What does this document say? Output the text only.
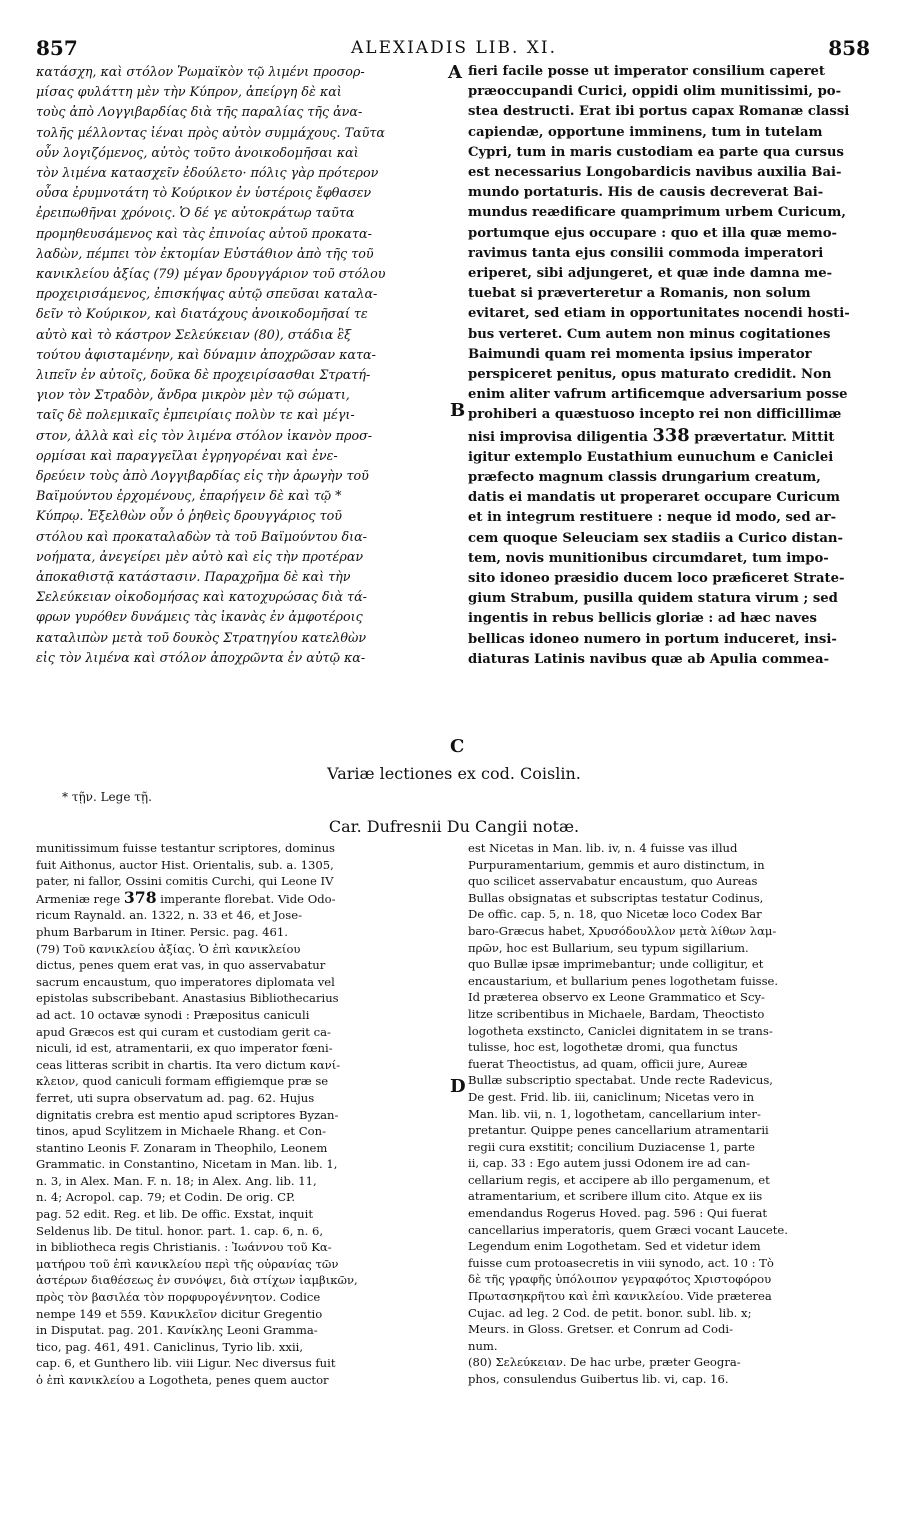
857	ALEXIADIS LIB. XI.	858
κατάσχη, καὶ στόλον Ῥωμαϊκὸν τῷ λιμένι προσορ-
μίσας φυλάττη μὲν τὴν Κύπρον, ἀπείργη δὲ καὶ
τοὺς ἀπὸ Λογγιβαρδίας διὰ τῆς παραλίας τῆς ἀνα-
τολῆς μέλλοντας ἰέναι πρὸς αὐτὸν συμμάχους. Ταῦτα
οὖν λογιζόμενος, αὐτὸς τοῦτο ἀνοικοδομῆσαι καὶ
τὸν λιμένα κατασχεῖν ἐδούλετο· πόλις γὰρ πρότερον
οὖσα ἐρυμνοτάτη τὸ Κούρικον ἐν ὑστέροις ἔφθασεν
ἐρειπωθῆναι χρόνοις. Ὁ δέ γε αὐτοκράτωρ ταῦτα
προμηθευσάμενος καὶ τὰς ἐπινοίας αὐτοῦ προκατα-
λαδὼν, πέμπει τὸν ἐκτομίαν Εὐστάθιον ἀπὸ τῆς τοῦ
κανικλείου ἀξίας (79) μέγαν δρουγγάριον τοῦ στόλου
προχειρισάμενος, ἐπισκήψας αὐτῷ σπεῦσαι καταλα-
δεῖν τὸ Κούρικον, καὶ διατάχους ἀνοικοδομῆσαί τε
αὐτὸ καὶ τὸ κάστρον Σελεύκειαν (80), στάδια ἓξ
τούτου ἀφισταμένην, καὶ δύναμιν ἀποχρῶσαν κατα-
λιπεῖν ἐν αὐτοῖς, δοῦκα δὲ προχειρίσασθαι Στρατή-
γιον τὸν Στραδὸν, ἄνδρα μικρὸν μὲν τῷ σώματι,
ταῖς δὲ πολεμικαῖς ἐμπειρίαις πολὺν τε καὶ μέγι-
στον, ἀλλὰ καὶ εἰς τὸν λιμένα στόλον ἱκανὸν προσ-
ορμίσαι καὶ παραγγεῖλαι ἐγρηγορέναι καὶ ἐνε-
δρεύειν τοὺς ἀπὸ Λογγιβαρδίας εἰς τὴν ἀρωγὴν τοῦ
Βαϊμούντου ἐρχομένους, ἐπαρήγειν δὲ καὶ τῷ *
Κύπρῳ. Ἐξελθὼν οὖν ὁ ῥηθεὶς δρουγγάριος τοῦ
στόλου καὶ προκαταλαδὼν τὰ τοῦ Βαϊμούντου δια-
νοήματα, ἀνεγείρει μὲν αὐτὸ καὶ εἰς τὴν προτέραν
ἀποκαθιστᾷ κατάστασιν. Παραχρῆμα δὲ καὶ τὴν
Σελεύκειαν οἰκοδομήσας καὶ κατοχυρώσας διὰ τά-
φρων γυρόθεν δυνάμεις τὰς ἱκανὰς ἐν ἀμφοτέροις
καταλιπὼν μετὰ τοῦ δουκὸς Στρατηγίου κατελθὼν
εἰς τὸν λιμένα καὶ στόλον ἀποχρῶντα ἐν αὐτῷ κα-
A
B
C
fieri facile posse ut imperator consilium caperet
præoccupandi Curici, oppidi olim munitissimi, po-
stea destructi. Erat ibi portus capax Romanæ classi
capiendæ, opportune imminens, tum in tutelam
Cypri, tum in maris custodiam ea parte qua cursus
est necessarius Longobardicis navibus auxilia Bai-
mundo portaturis. His de causis decreverat Bai-
mundus reædificare quamprimum urbem Curicum,
portumque ejus occupare : quo et illa quæ memo-
ravimus tanta ejus consilii commoda imperatori
eriperet, sibi adjungeret, et quæ inde damna me-
tuebat si præverteretur a Romanis, non solum
evitaret, sed etiam in opportunitates nocendi hosti-
bus verteret. Cum autem non minus cogitationes
Baimundi quam rei momenta ipsius imperator
perspiceret penitus, opus maturato credidit. Non
enim aliter vafrum artificemque adversarium posse
prohiberi a quæstuoso incepto rei non difficillimæ
nisi improvisa diligentia 338 prævertatur. Mittit
igitur extemplo Eustathium eunuchum e Caniclei
præfecto magnum classis drungarium creatum,
datis ei mandatis ut properaret occupare Curicum
et in integrum restituere : neque id modo, sed ar-
cem quoque Seleuciam sex stadiis a Curico distan-
tem, novis munitionibus circumdaret, tum impo-
sito idoneo præsidio ducem loco præficeret Strate-
gium Strabum, pusilla quidem statura virum ; sed
ingentis in rebus bellicis gloriæ : ad hæc naves
bellicas idoneo numero in portum induceret, insi-
diaturas Latinis navibus quæ ab Apulia commea-
Variæ lectiones ex cod. Coislin.
* τῇν. Lege τῇ.
Car. Dufresnii Du Cangii notæ.
munitissimum fuisse testantur scriptores, dominus
fuit Aithonus, auctor Hist. Orientalis, sub. a. 1305,
pater, ni fallor, Ossini comitis Curchi, qui Leone IV
Armeniæ rege 378 imperante florebat. Vide Odo-
ricum Raynald. an. 1322, n. 33 et 46, et Jose-
phum Barbarum in Itiner. Persic. pag. 461.
(79) Τοῦ κανικλείου ἀξίας. Ὁ ἐπὶ κανικλείου
dictus, penes quem erat vas, in quo asservabatur
sacrum encaustum, quo imperatores diplomata vel
epistolas subscribebant. Anastasius Bibliothecarius
ad act. 10 octavæ synodi : Præpositus caniculi
apud Græcos est qui curam et custodiam gerit ca-
niculi, id est, atramentarii, ex quo imperator fœni-
ceas litteras scribit in chartis. Ita vero dictum κανί-
κλειον, quod caniculi formam effigiemque præ se
ferret, uti supra observatum ad. pag. 62. Hujus
dignitatis crebra est mentio apud scriptores Byzan-
tinos, apud Scylitzem in Michaele Rhang. et Con-
stantino Leonis F. Zonaram in Theophilo, Leonem
Grammatic. in Constantino, Nicetam in Man. lib. 1,
n. 3, in Alex. Man. F. n. 18; in Alex. Ang. lib. 11,
n. 4; Acropol. cap. 79; et Codin. De orig. CP.
pag. 52 edit. Reg. et lib. De offic. Exstat, inquit
Seldenus lib. De titul. honor. part. 1. cap. 6, n. 6,
in bibliotheca regis Christianis. : Ἰωάννου τοῦ Κα-
ματήρου τοῦ ἐπὶ κανικλείου περὶ τῆς οὐρανίας τῶν
ἀστέρων διαθέσεως ἐν συνόψει, διὰ στίχων ἰαμβικῶν,
πρὸς τὸν βασιλέα τὸν πορφυρογέννητον. Codice
nempe 149 et 559. Κανικλεῖον dicitur Gregentio
in Disputat. pag. 201. Κανίκλης Leoni Gramma-
tico, pag. 461, 491. Caniclinus, Tyrio lib. xxii,
cap. 6, et Gunthero lib. viii Ligur. Nec diversus fuit
ὁ ἐπὶ κανικλείου a Logotheta, penes quem auctor
D
est Nicetas in Man. lib. iv, n. 4 fuisse vas illud
Purpuramentarium, gemmis et auro distinctum, in
quo scilicet asservabatur encaustum, quo Aureas
Bullas obsignatas et subscriptas testatur Codinus,
De offic. cap. 5, n. 18, quo Nicetæ loco Codex Bar
baro-Græcus habet, Χρυσόδουλλον μετὰ λίθων λαμ-
πρῶν, hoc est Bullarium, seu typum sigillarium.
quo Bullæ ipsæ imprimebantur; unde colligitur, et
encaustarium, et bullarium penes logothetam fuisse.
Id præterea observo ex Leone Grammatico et Scy-
litze scribentibus in Michaele, Bardam, Theoctisto
logotheta exstincto, Caniclei dignitatem in se trans-
tulisse, hoc est, logothetæ dromi, qua functus
fuerat Theoctistus, ad quam, officii jure, Aureæ
Bullæ subscriptio spectabat. Unde recte Radevicus,
De gest. Frid. lib. iii, caniclinum; Nicetas vero in
Man. lib. vii, n. 1, logothetam, cancellarium inter-
pretantur. Quippe penes cancellarium atramentarii
regii cura exstitit; concilium Duziacense 1, parte
ii, cap. 33 : Ego autem jussi Odonem ire ad can-
cellarium regis, et accipere ab illo pergamenum, et
atramentarium, et scribere illum cito. Atque ex iis
emendandus Rogerus Hoved. pag. 596 : Qui fuerat
cancellarius imperatoris, quem Græci vocant Laucete.
Legendum enim Logothetam. Sed et videtur idem
fuisse cum protoasecretis in viii synodo, act. 10 : Τὸ
δὲ τῆς γραφῆς ὑπόλοιπον γεγραφότος Χριστοφόρου
Πρωτασηκρῆτου καὶ ἐπὶ κανικλείου. Vide præterea
Cujac. ad leg. 2 Cod. de petit. bonor. subl. lib. x;
Meurs. in Gloss. Gretser. et Conrum ad Codi-
num.
(80) Σελεύκειαν. De hac urbe, præter Geogra-
phos, consulendus Guibertus lib. vi, cap. 16.
